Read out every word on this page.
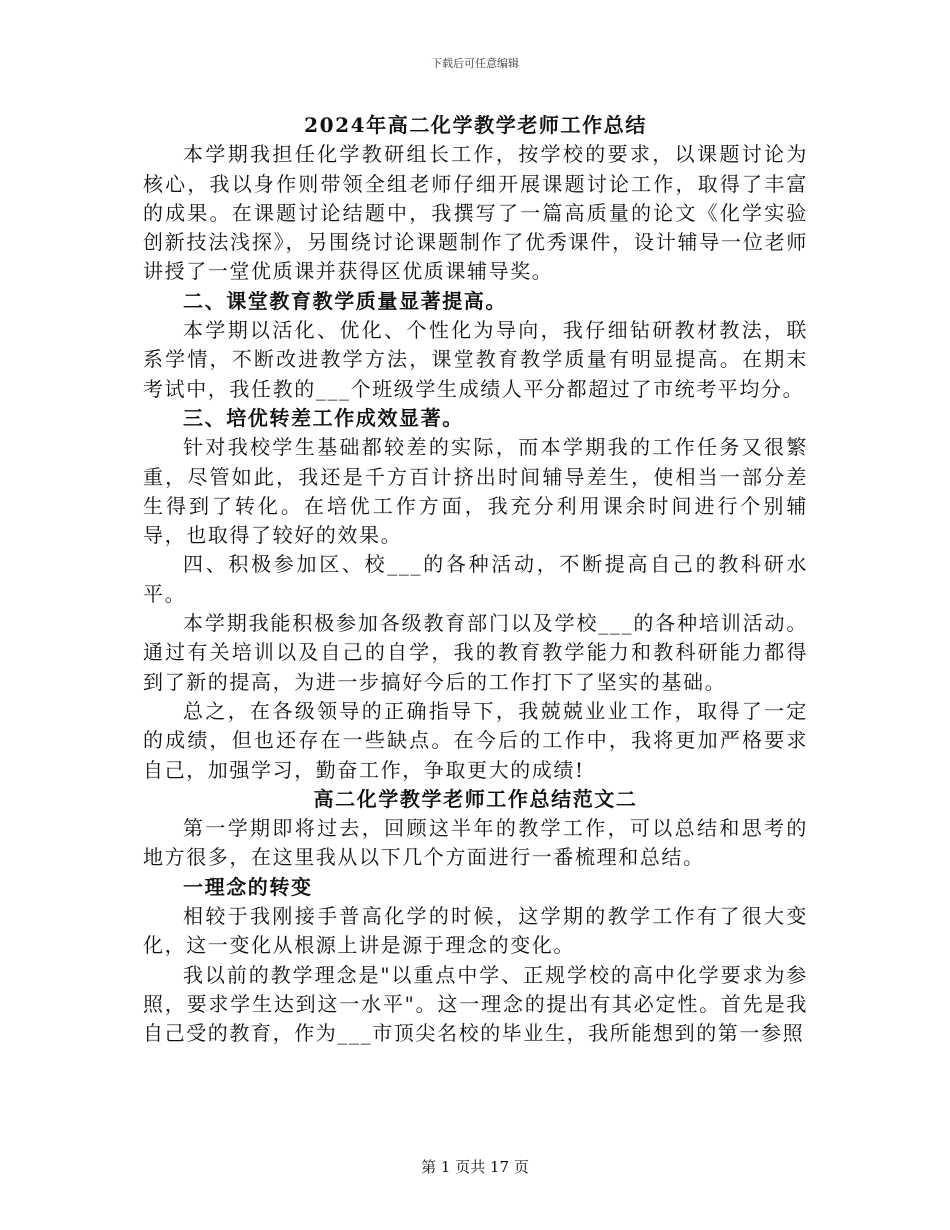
下载后可任意编辑

2024年高二化学教学老师工作总结

本学期我担任化学教研组长工作，按学校的要求，以课题讨论为核心，我以身作则带领全组老师仔细开展课题讨论工作，取得了丰富的成果。在课题讨论结题中，我撰写了一篇高质量的论文《化学实验创新技法浅探》，另围绕讨论课题制作了优秀课件，设计辅导一位老师讲授了一堂优质课并获得区优质课辅导奖。

二、课堂教育教学质量显著提高。

本学期以活化、优化、个性化为导向，我仔细钻研教材教法，联系学情，不断改进教学方法，课堂教育教学质量有明显提高。在期末考试中，我任教的___个班级学生成绩人平分都超过了市统考平均分。

三、培优转差工作成效显著。

针对我校学生基础都较差的实际，而本学期我的工作任务又很繁重，尽管如此，我还是千方百计挤出时间辅导差生，使相当一部分差生得到了转化。在培优工作方面，我充分利用课余时间进行个别辅导，也取得了较好的效果。

四、积极参加区、校___的各种活动，不断提高自己的教科研水平。

本学期我能积极参加各级教育部门以及学校___的各种培训活动。通过有关培训以及自己的自学，我的教育教学能力和教科研能力都得到了新的提高，为进一步搞好今后的工作打下了坚实的基础。

总之，在各级领导的正确指导下，我兢兢业业工作，取得了一定的成绩，但也还存在一些缺点。在今后的工作中，我将更加严格要求自己，加强学习，勤奋工作，争取更大的成绩!

高二化学教学老师工作总结范文二

第一学期即将过去，回顾这半年的教学工作，可以总结和思考的地方很多，在这里我从以下几个方面进行一番梳理和总结。

一理念的转变

相较于我刚接手普高化学的时候，这学期的教学工作有了很大变化，这一变化从根源上讲是源于理念的变化。

我以前的教学理念是"以重点中学、正规学校的高中化学要求为参照，要求学生达到这一水平"。这一理念的提出有其必定性。首先是我自己受的教育，作为___市顶尖名校的毕业生，我所能想到的第一参照

第 1 页共 17 页
